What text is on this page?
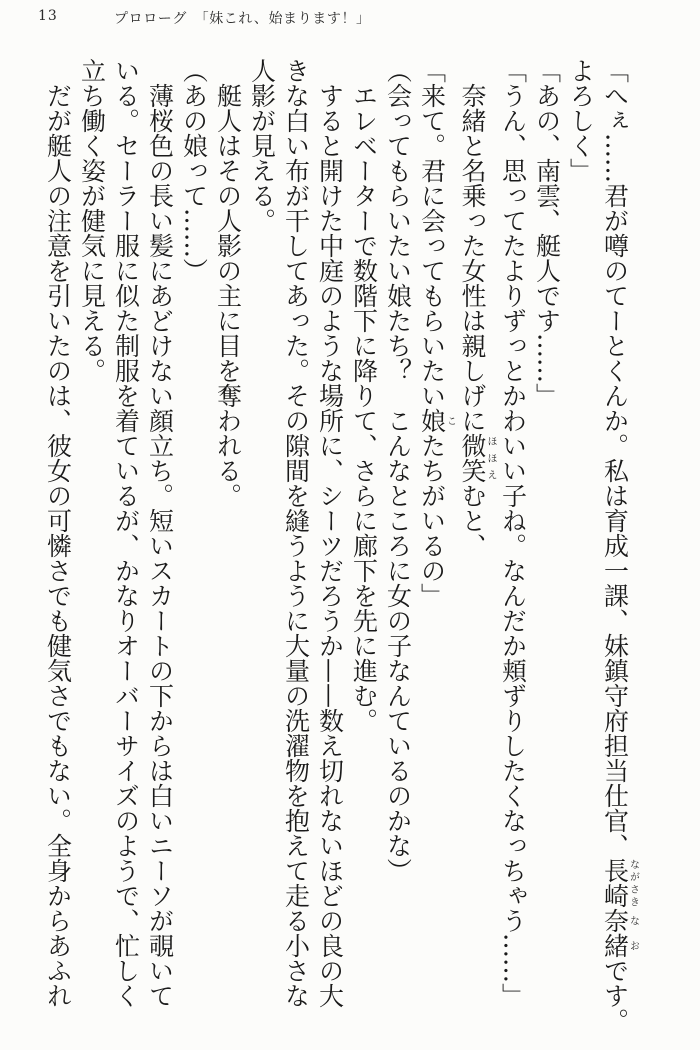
13	プロローグ　「妹これ、始まります！」

「へぇ……君が噂のてーとくんか。私は育成一課、妹鎮守府担当仕官、長崎ながさき奈緒なおです。

よろしく」

「あの、南雲、艇人です……」

「うん、思ってたよりずっとかわいい子ね。なんだか頬ずりしたくなっちゃう……」

　奈緒と名乗った女性は親しげに微笑ほほえむと、

「来て。君に会ってもらいたい娘こたちがいるの」

（会ってもらいたい娘たち？　こんなところに女の子なんているのかな）

　エレベーターで数階下に降りて、さらに廊下を先に進む。

　すると開けた中庭のような場所に、シーツだろうか——数え切れないほどの良の大

きな白い布が干してあった。その隙間を縫うように大量の洗濯物を抱えて走る小さな

人影が見える。

　艇人はその人影の主に目を奪われる。

（あの娘って……）

　薄桜色の長い髪にあどけない顔立ち。短いスカートの下からは白いニーソが覗いて

いる。セーラー服に似た制服を着ているが、かなりオーバーサイズのようで、忙しく

立ち働く姿が健気に見える。

　だが艇人の注意を引いたのは、彼女の可憐さでも健気さでもない。全身からあふれ
